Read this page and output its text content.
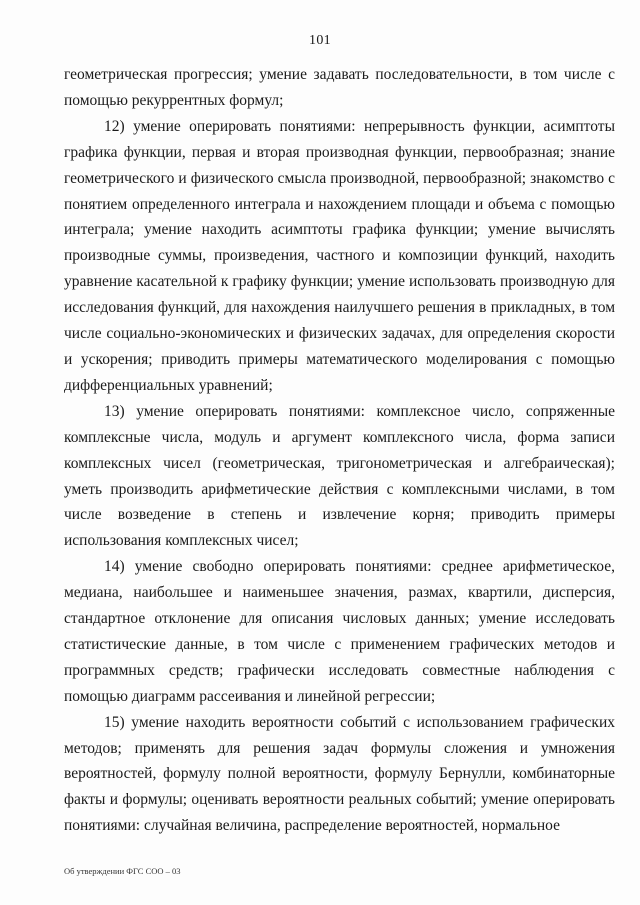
101

геометрическая прогрессия; умение задавать последовательности, в том числе с помощью рекуррентных формул;

12) умение оперировать понятиями: непрерывность функции, асимптоты графика функции, первая и вторая производная функции, первообразная; знание геометрического и физического смысла производной, первообразной; знакомство с понятием определенного интеграла и нахождением площади и объема с помощью интеграла; умение находить асимптоты графика функции; умение вычислять производные суммы, произведения, частного и композиции функций, находить уравнение касательной к графику функции; умение использовать производную для исследования функций, для нахождения наилучшего решения в прикладных, в том числе социально-экономических и физических задачах, для определения скорости и ускорения; приводить примеры математического моделирования с помощью дифференциальных уравнений;

13) умение оперировать понятиями: комплексное число, сопряженные комплексные числа, модуль и аргумент комплексного числа, форма записи комплексных чисел (геометрическая, тригонометрическая и алгебраическая); уметь производить арифметические действия с комплексными числами, в том числе возведение в степень и извлечение корня; приводить примеры использования комплексных чисел;

14) умение свободно оперировать понятиями: среднее арифметическое, медиана, наибольшее и наименьшее значения, размах, квартили, дисперсия, стандартное отклонение для описания числовых данных; умение исследовать статистические данные, в том числе с применением графических методов и программных средств; графически исследовать совместные наблюдения с помощью диаграмм рассеивания и линейной регрессии;

15) умение находить вероятности событий с использованием графических методов; применять для решения задач формулы сложения и умножения вероятностей, формулу полной вероятности, формулу Бернулли, комбинаторные факты и формулы; оценивать вероятности реальных событий; умение оперировать понятиями: случайная величина, распределение вероятностей, нормальное

Об утверждении ФГС СОО – 03
